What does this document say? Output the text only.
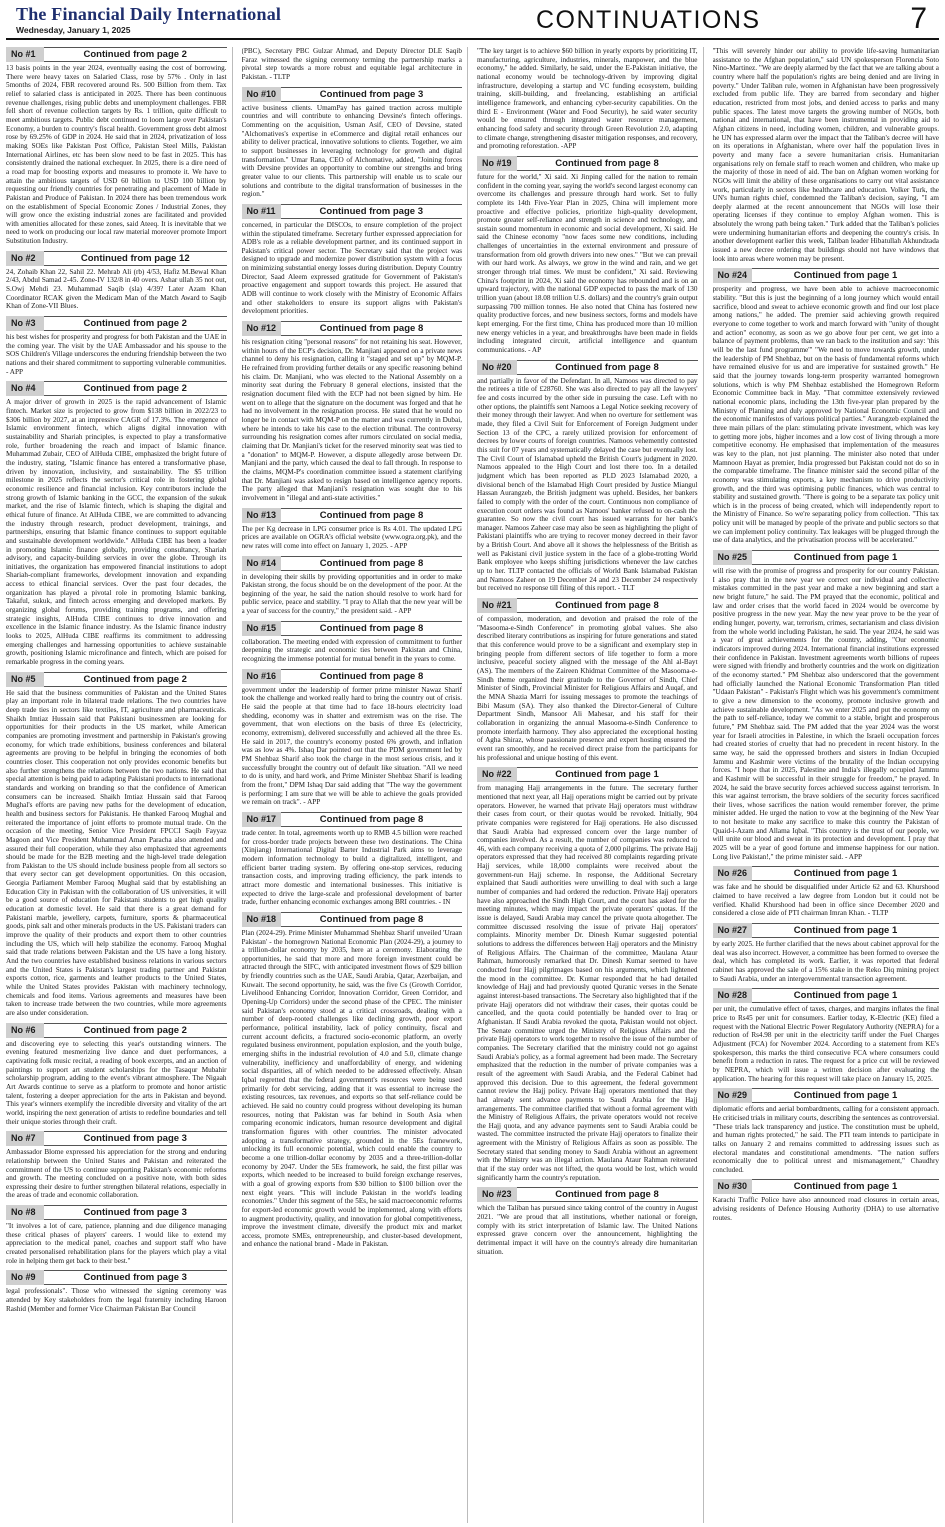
The Financial Daily International
Wednesday, January 1, 2025	CONTINUATIONS	7
No #1	Continued from page 2
13 basis points in the year 2024, eventually easing the cost of borrowing. There were heavy taxes on Salaried Class, rose by 57% . Only in last 5months of 2024, FBR recovered around Rs. 500 Billion from them. Tax relief to salaried class is anticipated in 2025. There has been continuous revenue challenges, rising public debts and unemployment challenges. FBR fell short of revenue collection targets by Rs. 1 trillion, quite difficult to meet ambitious targets. Public debt continued to loom large over Pakistan's Economy, a burden to country's fiscal health. Government gross debt almost rose by 69.25% of GDP in 2024. He said that in 2024, privatization of loss making SOEs like Pakistan Post Office, Pakistan Steel Mills, Pakistan International Airlines, etc has been slow need to be fast in 2025. This has consistently drained the national exchequer. In 2025, there is a dire need of a road map for boosting exports and measures to promote it. We have to attain the ambitious targets of USD 60 billion to USD 100 billion by requesting our friendly countries for penetrating and placement of Made in Pakistan and Produce of Pakistan. In 2024 there has been tremendous work on the establishment of Special Economic Zones / Industrial Zones, they will grow once the existing industrial zones are facilitated and provided with amenities allocated for these zones, said Ateeq. It is inevitable that we need to work on producing our local raw material moreover promote Import Substitution Industry.
No #2	Continued from page 12
24, Zohaib Khan 22, Sahil 22. Mehrab Ali (rb) 4/53, Hafiz M.Bewal Khan 2/43, Abdul Samad 2-45. Zone-IV 132/8 in 40 overs. Ashar ullah 35 not out, S.Owj Mehdi 23. Muhammad Saqib (sla) 4/39? Later Azam Khan Coordinator RCAK given the Medicam Man of the Match Award to Saqib Khan of Zone-VII Blues.
No #3	Continued from page 2
his best wishes for prosperity and progress for both Pakistan and the UAE in the coming year. The visit by the UAE Ambassador and his spouse to the SOS Children's Village underscores the enduring friendship between the two nations and their shared commitment to supporting vulnerable communities. - APP
No #4	Continued from page 2
A major driver of growth in 2025 is the rapid advancement of Islamic fintech. Market size is projected to grow from $138 billion in 2022/23 to $306 billion by 2027, at an impressive CAGR of 17.3%. The emergence of Islamic environment fintech, which aligns digital innovation with sustainability and Shariah principles, is expected to play a transformative role, further broadening the reach and impact of Islamic finance. Muhammad Zubair, CEO of AlHuda CIBE, emphasized the bright future of the industry, stating, "Islamic finance has entered a transformative phase, driven by innovation, inclusivity, and sustainability. The $5 trillion milestone in 2025 reflects the sector's critical role in fostering global economic resilience and financial inclusion. Key contributors include the strong growth of Islamic banking in the GCC, the expansion of the sukuk market, and the rise of Islamic fintech, which is shaping the digital and ethical future of finance. At AlHuda CIBE, we are committed to advancing the industry through research, product development, trainings, and partnerships, ensuring that Islamic finance continues to support equitable and sustainable development worldwide." AlHuda CIBE has been a leader in promoting Islamic finance globally, providing consultancy, Shariah advisory, and capacity-building services in over the globe. Through its initiatives, the organization has empowered financial institutions to adopt Shariah-compliant frameworks, development innovation and expanding access to ethical financial services. Over the past four decades, the organization has played a pivotal role in promoting Islamic banking, Takaful, sukuk, and fintech across emerging and developed markets. By organizing global forums, providing training programs, and offering strategic insights, AlHuda CIBE continues to drive innovation and excellence in the Islamic finance industry. As the Islamic finance industry looks to 2025, AlHuda CIBE reaffirms its commitment to addressing emerging challenges and harnessing opportunities to achieve sustainable growth, positioning Islamic microfinance and fintech, which are poised for remarkable progress in the coming years.
No #5	Continued from page 2
He said that the business communities of Pakistan and the United States play an important role in bilateral trade relations. The two countries have deep trade ties in sectors like textiles, IT, agriculture and pharmaceuticals. Shaikh Imtiaz Hussain said that Pakistani businessmen are looking for opportunities for their products in the US market, while American companies are promoting investment and partnership in Pakistan's growing economy, for which trade exhibitions, business conferences and bilateral agreements are proving to be helpful in bringing the economies of both countries closer. This cooperation not only provides economic benefits but also further strengthens the relations between the two nations. He said that special attention is being paid to adapting Pakistani products to international standards and working on branding so that the confidence of American consumers can be increased. Shaikh Imtiaz Hussain said that Farooq Mughal's efforts are paving new paths for the development of education, health and business sectors for Pakistanis. He thanked Farooq Mughal and reiterated the importance of joint efforts to promote mutual trade. On the occasion of the meeting, Senior Vice President FPCCI Saqib Fayyaz Magoon and Vice President Muhammad Aman Paracha also attended and assured their full cooperation, while they also emphasized that agreements should be made for the B2B meeting and the high-level trade delegation from Pakistan to the US should include business people from all sectors so that every sector can get development opportunities. On this occasion, Georgia Parliament Member Farooq Mughal said that by establishing an Education City in Pakistan with the collaboration of US universities, it will be a good source of education for Pakistani students to get high quality education at domestic level. He said that there is a great demand for Pakistani marble, jewellery, carpets, furniture, sports & pharmaceutical goods, pink salt and other minerals products in the US. Pakistani traders can improve the quality of their products and export them to other countries including the US, which will help stabilize the economy. Farooq Mughal said that trade relations between Pakistan and the US have a long history. And the two countries have established business relations in various sectors and the United States is Pakistan's largest trading partner and Pakistan exports cotton, rice, garments and leather products to the United States, while the United States provides Pakistan with machinery technology, chemicals and food items. Various agreements and measures have been taken to increase trade between the two countries, while more agreements are also under consideration.
No #6	Continued from page 2
and discovering eye to selecting this year's outstanding winners. The evening featured mesmerizing live dance and duet performances, a captivating folk music recital, a reading of book excerpts, and an auction of paintings to support art student scholarships for the Tasaqur Mubahir scholarship program, adding to the event's vibrant atmosphere. The Nigaah Art Awards continue to serve as a platform to promote and honor artistic talent, fostering a deeper appreciation for the arts in Pakistan and beyond. This year's winners exemplify the incredible diversity and vitality of the art world, inspiring the next generation of artists to redefine boundaries and tell their unique stories through their craft.
No #7	Continued from page 3
Ambassador Blome expressed his appreciation for the strong and enduring relationship between the United States and Pakistan and reiterated the commitment of the US to continue supporting Pakistan's economic reforms and growth. The meeting concluded on a positive note, with both sides expressing their desire to further strengthen bilateral relations, especially in the areas of trade and economic collaboration.
No #8	Continued from page 3
"It involves a lot of care, patience, planning and due diligence managing these critical phases of players' careers. I would like to extend my appreciation to the medical panel, coaches and support staff who have created personalised rehabilitation plans for the players which play a vital role in helping them get back to their best."
No #9	Continued from page 3
legal professionals". Those who witnessed the signing ceremony was attended by Key stakeholders from the legal fraternity including Haroon Rashid (Member and former Vice Chairman Pakistan Bar Council
(PBC), Secretary PBC Gulzar Ahmad, and Deputy Director DLE Saqib Faraz witnessed the signing ceremony terming the partnership marks a pivotal step towards a more robust and equitable legal architecture in Pakistan. - TLTP
No #10	Continued from page 3
active business clients. UmamPay has gained traction across multiple countries and will contribute to enhancing Devsine's fintech offerings. Commenting on the acquisition, Usman Asif, CEO of Devsine, stated "Alchomatives's expertise in eCommerce and digital retail enhances our ability to deliver practical, innovative solutions to clients. Together, we aim to support businesses in leveraging technology for growth and digital transformation." Umar Rana, CEO of Alchomative, added, "Joining forces with Devsine provides an opportunity to combine our strengths and bring greater value to our clients. This partnership will enable us to scale our solutions and contribute to the digital transformation of businesses in the region."
No #11	Continued from page 3
concerned, in particular the DISCOs, to ensure completion of the project within the stipulated timeframe. Secretary further expressed appreciation for ADB's role as a reliable development partner, and its continued support in Pakistan's critical power sector. The Secretary said that the project was designed to upgrade and modernize power distribution system with a focus on minimizing substantial energy losses during distribution. Deputy Country Director, Saad Aleem expressed gratitude for Government of Pakistan's proactive engagement and support towards this project. He assured that ADB will continue to work closely with the Ministry of Economic Affairs and other stakeholders to ensure its support aligns with Pakistan's development priorities.
No #12	Continued from page 8
his resignation citing "personal reasons" for not retaining his seat. However, within hours of the ECP's decision, Dr. Manjiani appeared on a private news channel to deny his resignation, calling it "staged and set up" by MQM-P. He refrained from providing further details or any specific reasoning behind his claim. Dr. Manjiani, who was elected to the National Assembly on a minority seat during the February 8 general elections, insisted that the resignation document filed with the ECP had not been signed by him. He went on to allege that the signature on the document was forged and that he had no involvement in the resignation process. He stated that he would no longer be in contact with MQM-P on the matter and was currently in Dubai, where he intends to take his case to the election tribunal. The controversy surrounding his resignation comes after rumors circulated on social media, claiming that Dr. Manjiani's ticket for the reserved minority seat was tied to a "donation" to MQM-P. However, a dispute allegedly arose between Dr. Manjiani and the party, which caused the deal to fall through. In response to the claims, MQM-P's coordination committee issued a statement clarifying that Dr. Manjiani was asked to resign based on intelligence agency reports. The party alleged that Manjiani's resignation was sought due to his involvement in "illegal and anti-state activities."
No #13	Continued from page 8
The per Kg decrease in LPG consumer price is Rs 4.01. The updated LPG prices are available on OGRA's official website (www.ogra.org.pk), and the new rates will come into effect on January 1, 2025. - APP
No #14	Continued from page 8
in developing their skills by providing opportunities and in order to make Pakistan strong, the focus should be on the development of the poor. At the beginning of the year, he said the nation should resolve to work hard for public service, peace and stability. "I pray to Allah that the new year will be a year of success for the country," the president said. - APP
No #15	Continued from page 8
collaboration. The meeting ended with expression of commitment to further deepening the strategic and economic ties between Pakistan and China, recognizing the immense potential for mutual benefit in the years to come.
No #16	Continued from page 8
government under the leadership of former prime minister Nawaz Sharif took the challenge and worked really hard to bring the country out of crisis. He said the people at that time had to face 18-hours electricity load shedding, economy was in shatter and extremism was on the rise. The government, that won elections on the basis of three Es (electricity, economy, extremism), delivered successfully and achieved all the three Es. He said in 2017, the country's economy posted 6% growth, and inflation was as low as 4%. Ishaq Dar pointed out that the PDM government led by PM Shehbaz Sharif also took the charge in the most serious crisis, and it successfully brought the country out of default like situation. "All we need to do is unity, and hard work, and Prime Minister Shehbaz Sharif is leading from the front," DPM Ishaq Dar said adding that "The way the government is performing; I am sure that we will be able to achieve the goals provided we remain on track". - APP
No #17	Continued from page 8
trade center. In total, agreements worth up to RMB 4.5 billion were reached for cross-border trade projects between these two destinations. The China (Xinjiang) International Digital Barter Industrial Park aims to leverage modern information technology to build a digitalized, intelligent, and efficient barter trading system. By offering one-stop services, reducing transaction costs, and improving trading efficiency, the park intends to attract more domestic and international businesses. This initiative is expected to drive the large-scale and professional development of barter trade, further enhancing economic exchanges among BRI countries. - IN
No #18	Continued from page 8
Plan (2024-29). Prime Minister Muhammad Shehbaz Sharif unveiled 'Uraan Pakistan' - the homegrown National Economic Plan (2024-29), a journey to a trillion-dollar economy by 2035, here at a ceremony. Elaborating the opportunities, he said that more and more foreign investment could be attracted through the SIFC, with anticipated investment flows of $29 billion by friendly countries such as the UAE, Saudi Arabia, Qatar, Azerbaijan, and Kuwait. The second opportunity, he said, was the five Cs (Growth Corridor, Livelihood Enhancing Corridor, Innovation Corridor, Green Corridor, and Opening-Up Corridors) under the second phase of the CPEC. The minister said Pakistan's economy stood at a critical crossroads, dealing with a number of deep-rooted challenges like declining growth, poor export performance, political instability, lack of policy continuity, fiscal and current account deficits, a fractured socio-economic platform, an overly regulated business environment, population explosion, and the youth bulge, emerging shifts in the industrial revolution of 4.0 and 5.0, climate change vulnerability, inefficiency and unaffordability of energy, and widening social disparities, all of which needed to be addressed effectively. Ahsan Iqbal regretted that the federal government's resources were being used primarily for debt servicing, adding that it was essential to increase the existing resources, tax revenues, and exports so that self-reliance could be achieved. He said no country could progress without developing its human resources, noting that Pakistan was far behind in South Asia when comparing economic indicators, human resource development and digital transformation figures with other countries. The minister advocated adopting a transformative strategy, grounded in the 5Es framework, unlocking its full economic potential, which could enable the country to become a one trillion-dollar economy by 2035 and a three-trillion-dollar economy by 2047. Under the 5Es framework, he said, the first pillar was exports, which needed to be increased to build foreign exchange reserves, with a goal of growing exports from $30 billion to $100 billion over the next eight years. "This will include Pakistan in the world's leading economies." Under this segment of the 5Es, he said macroeconomic reforms for export-led economic growth would be implemented, along with efforts to augment productivity, quality, and innovation for global competitiveness, improve the investment climate, diversify the product mix and market access, promote SMEs, entrepreneurship, and cluster-based development, and enhance the national brand - Made in Pakistan.
"The key target is to achieve $60 billion in yearly exports by prioritizing IT, manufacturing, agriculture, industries, minerals, manpower, and the blue economy," he added. Similarly, he said, under the E-Pakistan initiative, the national economy would be technology-driven by improving digital infrastructure, developing a startup and VC funding ecosystem, building training, skill-building, and freelancing, establishing an artificial intelligence framework, and enhancing cyber-security capabilities. On the third E - Environment (Water and Food Security), he said water security would be ensured through integrated water resource management, enhancing food safety and security through Green Revolution 2.0, adapting to climate change, strengthening disaster mitigation responses, and recovery, and promoting reforestation. -APP
No #19	Continued from page 8
future for the world," Xi said. Xi Jinping called for the nation to remain confident in the coming year, saying the world's second largest economy can overcome its challenges and pressure through hard work. Set to fully complete its 14th Five-Year Plan in 2025, China will implement more proactive and effective policies, prioritize high-quality development, promote greater self-reliance and strength in science and technology, and sustain sound momentum in economic and social development, Xi said. He said the Chinese economy "now faces some new conditions, including challenges of uncertainties in the external environment and pressure of transformation from old growth drivers into new ones." "But we can prevail with our hard work. As always, we grow in the wind and rain, and we get stronger through trial times. We must be confident," Xi said. Reviewing China's footprint in 2024, Xi said the economy has rebounded and is on an upward trajectory, with the national GDP expected to pass the mark of 130 trillion yuan (about 18.08 trillion U.S. dollars) and the country's grain output surpassing 700 million tonnes. He also noted that China has fostered new quality productive forces, and new business sectors, forms and models have kept emerging. For the first time, China has produced more than 10 million new energy vehicles in a year, and breakthroughs have been made in fields including integrated circuit, artificial intelligence and quantum communications. - AP
No #20	Continued from page 8
and partially in favor of the Defendant. In all, Namoos was directed to pay the retirees a title of £28760. She was also directed to pay all the lawyers' fee and costs incurred by the other side in pursuing the case. Left with no other options, the plaintiffs sent Namoos a Legal Notice seeking recovery of their money through their lawyer. And when no overture for settlement was made, they filed a Civil Suit for Enforcement of Foreign Judgment under Section 13 of the CPC, a rarely utilized provision for enforcement of decrees by lower courts of foreign countries. Namoos vehemently contested this suit for 07 years and systematically delayed the case but eventually lost. The Civil Court of Islamabad upheld the British Court's judgment in 2020. Namoos appealed to the High Court and lost there too. In a detailed judgment which has been reported as PLD 2023 Islamabad 2020, a divisional bench of the Islamabad High Court presided by Justice Miangul Hassan Aurangzeb, the British judgment was upheld. Besides, her bankers failed to comply with the order of the court. Continuous non compliance of execution court orders was found as Namoos' banker refused to on-cash the guarantee. So now the civil court has issued warrants for her bank's manager. Namoos Zaheer case may also be seen as highlighting the plight of Pakistani plaintiffs who are trying to recover money decreed in their favor by a British Court. And above all it shows the helplessness of the British as well as Pakistani civil justice system in the face of a globe-trotting World Bank employee who keeps shifting jurisdictions whenever the law catches up to her. TLTP contacted the officials of World Bank Islamabad Pakistan and Namoos Zaheer on 19 December 24 and 23 December 24 respectively but received no response till filing of this report. - TLT
No #21	Continued from page 8
of compassion, moderation, and devotion and praised the role of the "Masooma-e-Sindh Conference" in promoting global values. She also described literary contributions as inspiring for future generations and stated that this conference would prove to be a significant and exemplary step in bringing people from different sectors of life together to form a more inclusive, peaceful society aligned with the message of the Ahl al-Bayt (AS). The members of the Zaireen Khidmat Committee of the Masooma-e-Sindh theme organized their gratitude to the Governor of Sindh, Chief Minister of Sindh, Provincial Minister for Religious Affairs and Auqaf, and the MNA Shazia Marri for issuing messages to promote the teachings of Bibi Masum (SA). They also thanked the Director-General of Culture Department Sindh, Mansoor Ali Mahesar, and his staff for their collaboration in organizing the annual Masooma-e-Sindh Conference to promote interfaith harmony. They also appreciated the exceptional hosting of Agha Shiraz, whose passionate presence and expert hosting ensured the event ran smoothly, and he received direct praise from the participants for his professional and unique hosting of this event.
No #22	Continued from page 1
from managing Hajj arrangements in the future. The secretary further mentioned that next year, all Hajj operations might be carried out by private operators. However, he warned that private Hajj operators must withdraw their cases from court, or their quotas would be revoked. Initially, 904 private companies were registered for Hajj operations. He also discussed that Saudi Arabia had expressed concern over the large number of companies involved. As a result, the number of companies was reduced to 46, with each company receiving a quota of 2,000 pilgrims. The private Hajj operators expressed that they had received 80 complaints regarding private Hajj services, while 18,000 complaints were received about the government-run Hajj scheme. In response, the Additional Secretary explained that Saudi authorities were unwilling to deal with such a large number of companies and had ordered the reduction. Private Hajj operators have also approached the Sindh High Court, and the court has asked for the meeting minutes, which may impact the private operators' quotas. If the issue is delayed, Saudi Arabia may cancel the private quota altogether. The committee discussed resolving the issue of private Hajj operators' complaints. Minority member Dr. Dinesh Kumar suggested potential solutions to address the differences between Hajj operators and the Ministry of Religious Affairs. The Chairman of the committee, Maulana Ataur Rahman, humorously remarked that Dr. Dinesh Kumar seemed to have conducted four Hajj pilgrimages based on his arguments, which lightened the mood in the committee. Dr. Kumar responded that he had detailed knowledge of Hajj and had previously quoted Quranic verses in the Senate against interest-based transactions. The Secretary also highlighted that if the private Hajj operators did not withdraw their cases, their quotas could be cancelled, and the quota could potentially be handed over to Iraq or Afghanistan. If Saudi Arabia revoked the quota, Pakistan would not object. The Senate committee urged the Ministry of Religious Affairs and the private Hajj operators to work together to resolve the issue of the number of companies. The Secretary clarified that the ministry could not go against Saudi Arabia's policy, as a formal agreement had been made. The Secretary emphasized that the reduction in the number of private companies was a result of the agreement with Saudi Arabia, and the Federal Cabinet had approved this decision. Due to this agreement, the federal government cannot review the Hajj policy. Private Hajj operators mentioned that they had already sent advance payments to Saudi Arabia for the Hajj arrangements. The committee clarified that without a formal agreement with the Ministry of Religious Affairs, the private operators would not receive the Hajj quota, and any advance payments sent to Saudi Arabia could be wasted. The committee instructed the private Hajj operators to finalize their agreement with the Ministry of Religious Affairs as soon as possible. The Secretary stated that sending money to Saudi Arabia without an agreement with the Ministry was an illegal action. Maulana Ataur Rahman reiterated that if the stay order was not lifted, the quota would be lost, which would significantly harm the country's reputation.
No #23	Continued from page 8
which the Taliban has pursued since taking control of the country in August 2021. "We are proud that all institutions, whether national or foreign, comply with its strict interpretation of Islamic law. The United Nations expressed grave concern over the announcement, highlighting the detrimental impact it will have on the country's already dire humanitarian situation.
"This will severely hinder our ability to provide life-saving humanitarian assistance to the Afghan population," said UN spokesperson Florencia Soto Nino-Martinez. "We are deeply alarmed by the fact that we are talking about a country where half the population's rights are being denied and are living in poverty." Under Taliban rule, women in Afghanistan have been progressively excluded from public life. They are barred from secondary and higher education, restricted from most jobs, and denied access to parks and many public spaces. The latest move targets the growing number of NGOs, both national and international, that have been instrumental in providing aid to Afghan citizens in need, including women, children, and vulnerable groups. he UN has expressed alarm over the impact that the Taliban's decree will have on its operations in Afghanistan, where over half the population lives in poverty and many face a severe humanitarian crisis. Humanitarian organisations rely on female staff to reach women and children, who make up the majority of those in need of aid. The ban on Afghan women working for NGOs will limit the ability of these organisations to carry out vital assistance work, particularly in sectors like healthcare and education. Volker Turk, the UN's human rights chief, condemned the Taliban's decision, saying, "I am deeply alarmed at the recent announcement that NGOs will lose their operating licenses if they continue to employ Afghan women. This is absolutely the wrong path being taken." Turk added that the Taliban's policies were undermining humanitarian efforts and deepening the country's crisis. In another development earlier this week, Taliban leader Hibatullah Akhundzada issued a new decree ordering that buildings should not have windows that look into areas where women may be present.
No #24	Continued from page 1
prosperity and progress, we have been able to achieve macroeconomic stability. "But this is just the beginning of a long journey which would entail sacrifice, blood and sweat to achieve economic growth and find our lost place among nations," he added. The premier said achieving growth required everyone to come together to work and march forward with "unity of thought and action" economy, as soon as we go above four per cent, we get into a balance of payment problems, than we ran back to the institution and say: 'this will be the last fund programme'" "We need to move towards growth, under the leadership of PM Shehbaz, but on the basis of fundamental reforms which have remained elusive for us and are imperative for sustained growth." He said that the journey towards long-term prosperity warranted homegrown solutions, which is why PM Shehbaz established the Homegrown Reform Economic Committee back in May. "That committee extensively reviewed national economic plans, including the 13th five-year plan prepared by the Ministry of Planning and duly approved by National Economic Council and the economic manifestos of various political parties." Aurangzeb explained the three main pillars of the plan: stimulating private investment, which was key to getting more jobs, higher incomes and a low cost of living through a more competitive economy. He emphasised that implementation of the measures was key to the plan, not just planning. The minister also noted that under Mamnoon Hayat as premier, India progressed but Pakistan could not do so in the comparable timeframe. The finance minister said the second pillar of the economy was stimulating exports, a key mechanism to drive productivity growth, and the third was optimising public finances, which was central to stability and sustained growth. "There is going to be a separate tax policy unit which is in the process of being created, which will independently report to the Ministry of Finance. So we're separating policy from collection. "This tax policy unit will be managed by people of the private and public sectors so that we can implement policy continuity. Tax leakages will be plugged through the use of data analytics, and the privatisation process will be accelerated."
No #25	Continued from page 1
will rise with the promise of progress and prosperity for our country Pakistan. I also pray that in the new year we correct our individual and collective mistakes committed in the past year and make a new beginning and start a new bright future," he said. The PM prayed that the economic, political and law and order crises that the world faced in 2024 would be overcome by positive progress in the new year. May the new year prove to be the year of ending hunger, poverty, war, terrorism, crimes, sectarianism and class division from the whole world including Pakistan, he said. The year 2024, he said was a year of great achievements for the country, adding, "Our economic indicators improved during 2024. International financial institutions expressed their confidence in Pakistan. Investment agreements worth billions of rupees were signed with friendly and brotherly countries and the work on digitization of the economy started." PM Shehbaz also underscored that the government had officially launched the National Economic Transformation Plan titled "Udaan Pakistan" - Pakistan's Flight which was his government's commitment to give a new dimension to the economy, promote inclusive growth and achieve sustainable development. "As we enter 2025 and put the economy on the path to self-reliance, today we commit to a stable, bright and prosperous future," PM Shehbaz said. The PM added that the year 2024 was the worst year for Israeli atrocities in Palestine, in which the Israeli occupation forces had created stories of cruelty that had no precedent in recent history. In the same way, he said the oppressed brothers and sisters in Indian Occupied Jammu and Kashmir were victims of the brutality of the Indian occupying forces. "I hope that in 2025, Palestine and India's illegally occupied Jammu and Kashmir will be successful in their struggle for freedom," he prayed. In 2024, he said the brave security forces achieved success against terrorism. In this war against terrorism, the brave soldiers of the security forces sacrificed their lives, whose sacrifices the nation would remember forever, the prime minister added. He urged the nation to vow at the beginning of the New Year to not hesitate to make any sacrifice to make this country the Pakistan of Quaid-i-Azam and Allama Iqbal. "This country is the trust of our people, we will unite our blood and sweat in its protection and development. I pray that 2025 will be a year of good fortune and immense happiness for our nation. Long live Pakistan!," the prime minister said. - APP
No #26	Continued from page 1
was fake and he should be disqualified under Article 62 and 63. Khurshood claimed to have received a law degree from London but it could not be verified. Khalid Khurshood had been in office since December 2020 and considered a close aide of PTI chairman Imran Khan. - TLTP
No #27	Continued from page 1
by early 2025. He further clarified that the news about cabinet approval for the deal was also incorrect. However, a committee has been formed to oversee the deal, which has completed its work. Earlier, it was reported that federal cabinet has approved the sale of a 15% stake in the Reko Diq mining project to Saudi Arabia, under an intergovernmental transaction agreement.
No #28	Continued from page 1
per unit, the cumulative effect of taxes, charges, and margins inflates the final price to Rs45 per unit for consumers. Earlier today, K-Electric (KE) filed a request with the National Electric Power Regulatory Authority (NEPRA) for a reduction of Rs4.98 per unit in the electricity tariff under the Fuel Charges Adjustment (FCA) for November 2024. According to a statement from KE's spokesperson, this marks the third consecutive FCA where consumers could benefit from a reduction in rates. The request for a price cut will be reviewed by NEPRA, which will issue a written decision after evaluating the application. The hearing for this request will take place on January 15, 2025.
No #29	Continued from page 1
diplomatic efforts and aerial bombardments, calling for a consistent approach. He criticised trials in military courts, describing the sentences as controversial. "These trials lack transparency and justice. The constitution must be upheld, and human rights protected," he said. The PTI team intends to participate in talks on January 2 and remains committed to addressing issues such as electoral mandates and constitutional amendments. "The nation suffers economically due to political unrest and mismanagement," Chaudhry concluded.
No #30	Continued from page 1
Karachi Traffic Police have also announced road closures in certain areas, advising residents of Defence Housing Authority (DHA) to use alternative routes.
